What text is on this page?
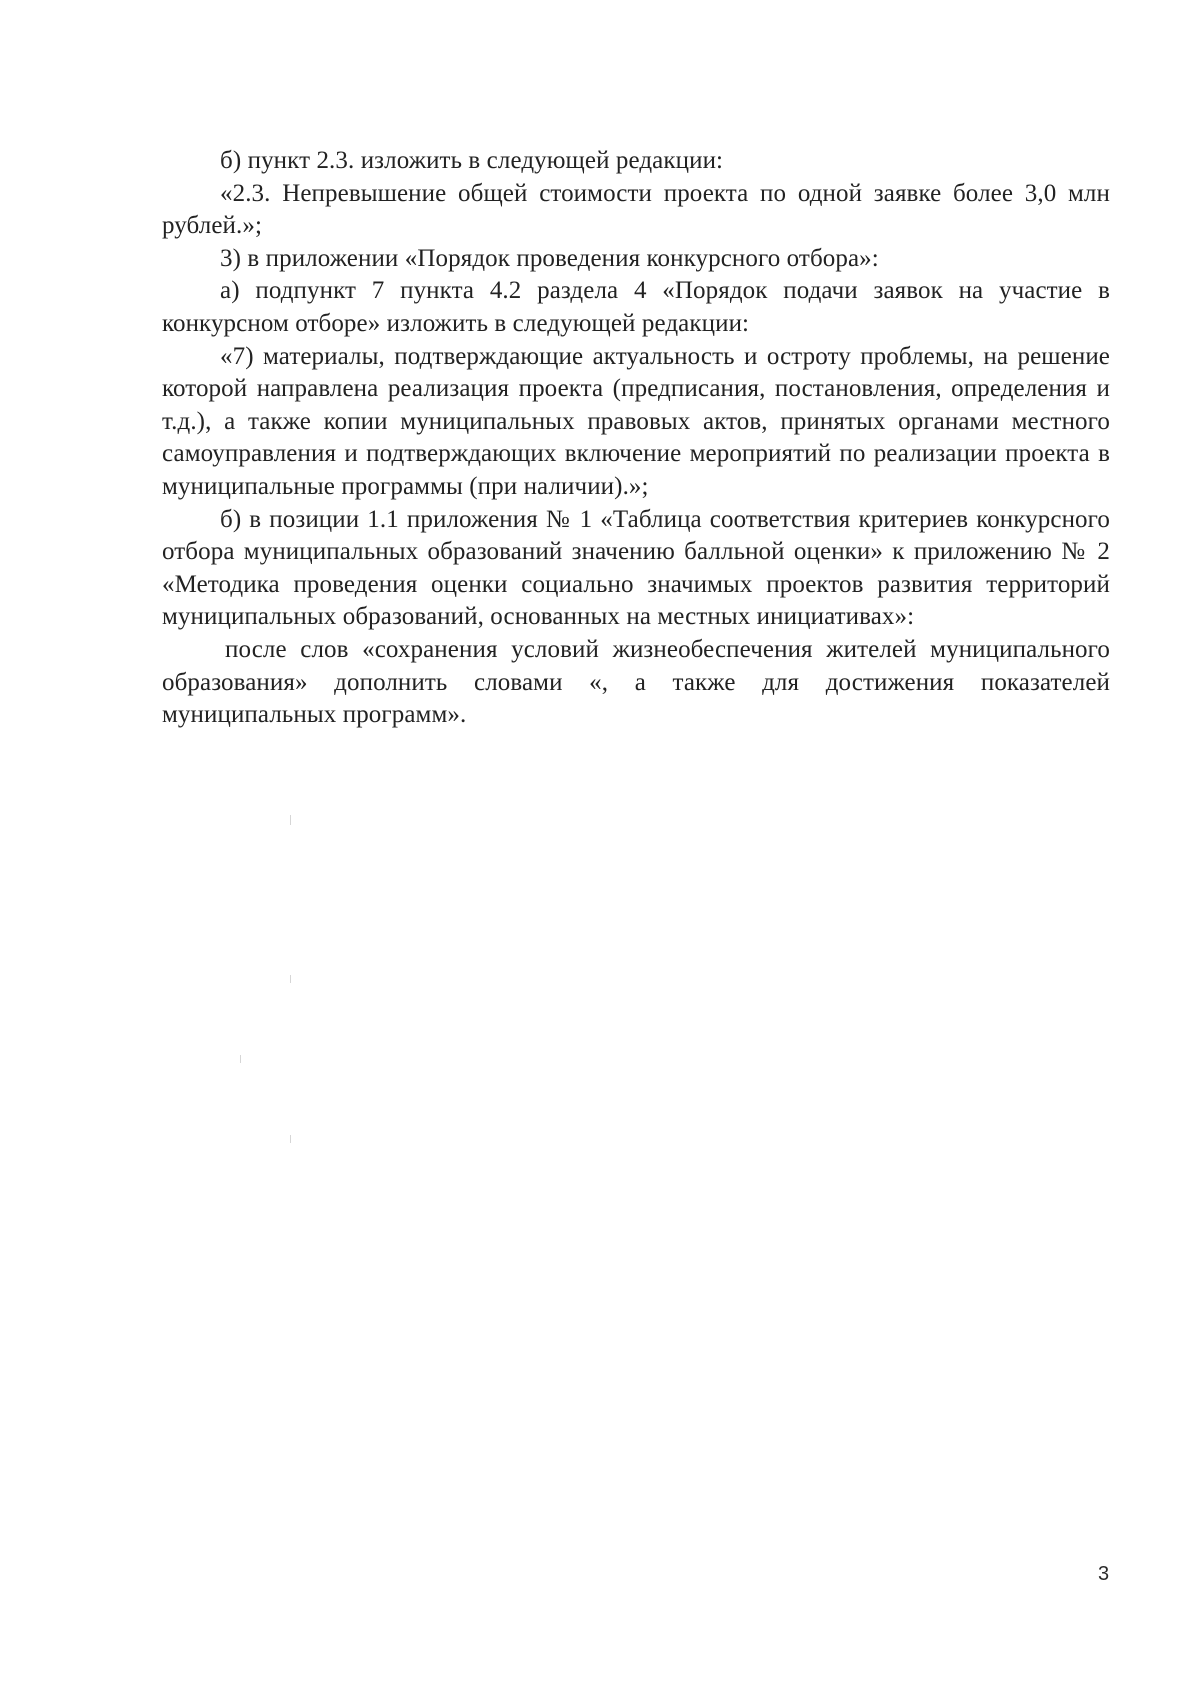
б) пункт 2.3. изложить в следующей редакции:

«2.3. Непревышение общей стоимости проекта по одной заявке более 3,0 млн рублей.»;

3) в приложении «Порядок проведения конкурсного отбора»:

а) подпункт 7 пункта 4.2 раздела 4 «Порядок подачи заявок на участие в конкурсном отборе» изложить в следующей редакции:

«7) материалы, подтверждающие актуальность и остроту проблемы, на решение которой направлена реализация проекта (предписания, постановления, определения и т.д.), а также копии муниципальных правовых актов, принятых органами местного самоуправления и подтверждающих включение мероприятий по реализации проекта в муниципальные программы (при наличии).»;

б) в позиции 1.1 приложения № 1 «Таблица соответствия критериев конкурсного отбора муниципальных образований значению балльной оценки» к приложению № 2 «Методика проведения оценки социально значимых проектов развития территорий муниципальных образований, основанных на местных инициативах»:

после слов «сохранения условий жизнеобеспечения жителей муниципального образования» дополнить словами «, а также для достижения показателей муниципальных программ».

3
